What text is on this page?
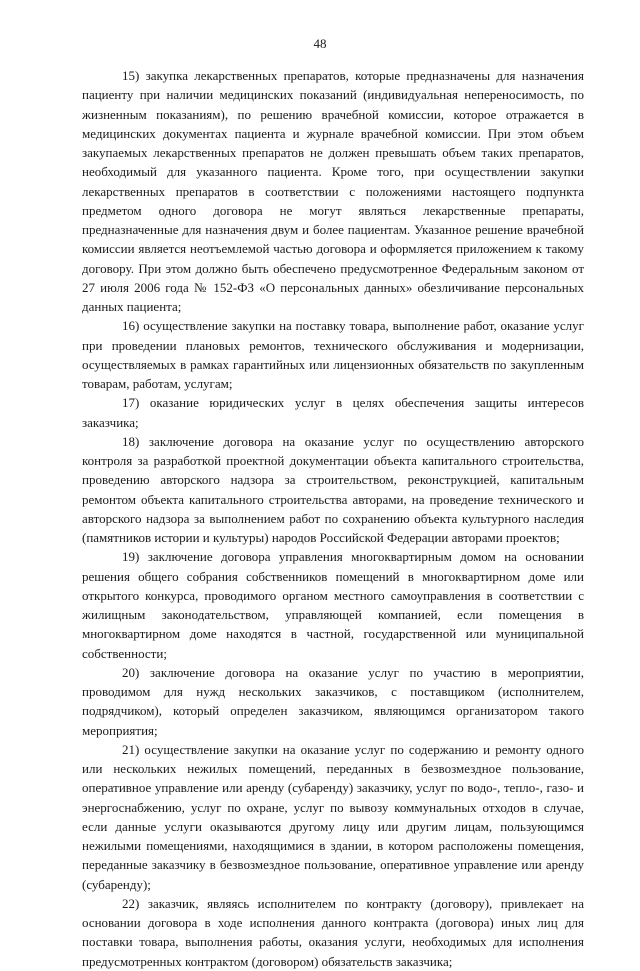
48

15) закупка лекарственных препаратов, которые предназначены для назначения пациенту при наличии медицинских показаний (индивидуальная непереносимость, по жизненным показаниям), по решению врачебной комиссии, которое отражается в медицинских документах пациента и журнале врачебной комиссии. При этом объем закупаемых лекарственных препаратов не должен превышать объем таких препаратов, необходимый для указанного пациента. Кроме того, при осуществлении закупки лекарственных препаратов в соответствии с положениями настоящего подпункта предметом одного договора не могут являться лекарственные препараты, предназначенные для назначения двум и более пациентам. Указанное решение врачебной комиссии является неотъемлемой частью договора и оформляется приложением к такому договору. При этом должно быть обеспечено предусмотренное Федеральным законом от 27 июля 2006 года № 152-ФЗ «О персональных данных» обезличивание персональных данных пациента;

16) осуществление закупки на поставку товара, выполнение работ, оказание услуг при проведении плановых ремонтов, технического обслуживания и модернизации, осуществляемых в рамках гарантийных или лицензионных обязательств по закупленным товарам, работам, услугам;

17) оказание юридических услуг в целях обеспечения защиты интересов заказчика;

18) заключение договора на оказание услуг по осуществлению авторского контроля за разработкой проектной документации объекта капитального строительства, проведению авторского надзора за строительством, реконструкцией, капитальным ремонтом объекта капитального строительства авторами, на проведение технического и авторского надзора за выполнением работ по сохранению объекта культурного наследия (памятников истории и культуры) народов Российской Федерации авторами проектов;

19) заключение договора управления многоквартирным домом на основании решения общего собрания собственников помещений в многоквартирном доме или открытого конкурса, проводимого органом местного самоуправления в соответствии с жилищным законодательством, управляющей компанией, если помещения в многоквартирном доме находятся в частной, государственной или муниципальной собственности;

20) заключение договора на оказание услуг по участию в мероприятии, проводимом для нужд нескольких заказчиков, с поставщиком (исполнителем, подрядчиком), который определен заказчиком, являющимся организатором такого мероприятия;

21) осуществление закупки на оказание услуг по содержанию и ремонту одного или нескольких нежилых помещений, переданных в безвозмездное пользование, оперативное управление или аренду (субаренду) заказчику, услуг по водо-, тепло-, газо- и энергоснабжению, услуг по охране, услуг по вывозу коммунальных отходов в случае, если данные услуги оказываются другому лицу или другим лицам, пользующимся нежилыми помещениями, находящимися в здании, в котором расположены помещения, переданные заказчику в безвозмездное пользование, оперативное управление или аренду (субаренду);

22) заказчик, являясь исполнителем по контракту (договору), привлекает на основании договора в ходе исполнения данного контракта (договора) иных лиц для поставки товара, выполнения работы, оказания услуги, необходимых для исполнения предусмотренных контрактом (договором) обязательств заказчика;
